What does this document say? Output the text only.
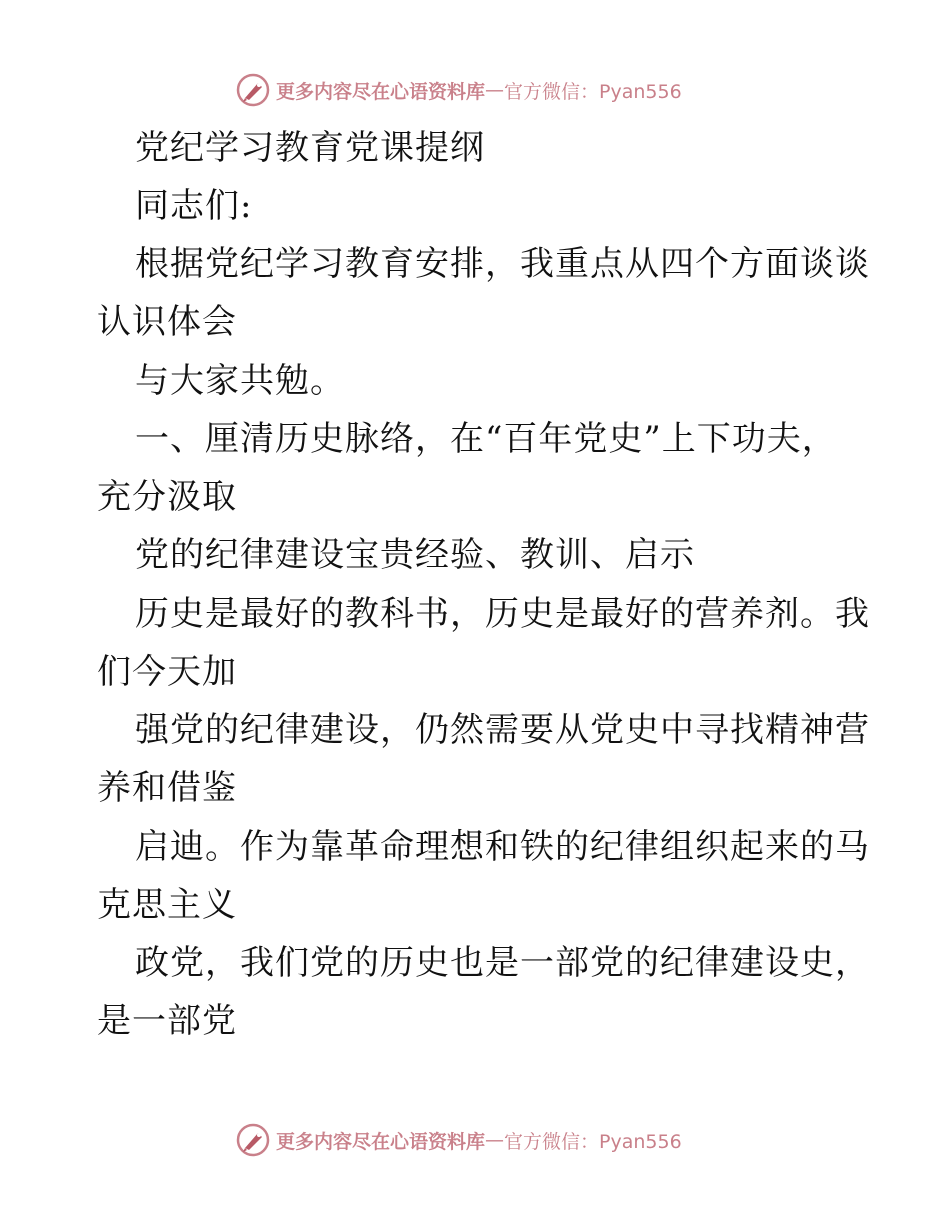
更多内容尽在心语资料库 — 官方微信：Pyan556
党纪学习教育党课提纲
同志们:
根据党纪学习教育安排，我重点从四个方面谈谈
认识体会
与大家共勉。
一、厘清历史脉络，在“百年党史”上下功夫，
充分汲取
党的纪律建设宝贵经验、教训、启示
历史是最好的教科书，历史是最好的营养剂。我
们今天加
强党的纪律建设，仍然需要从党史中寻找精神营
养和借鉴
启迪。作为靠革命理想和铁的纪律组织起来的马
克思主义
政党，我们党的历史也是一部党的纪律建设史，
是一部党
更多内容尽在心语资料库 — 官方微信：Pyan556
